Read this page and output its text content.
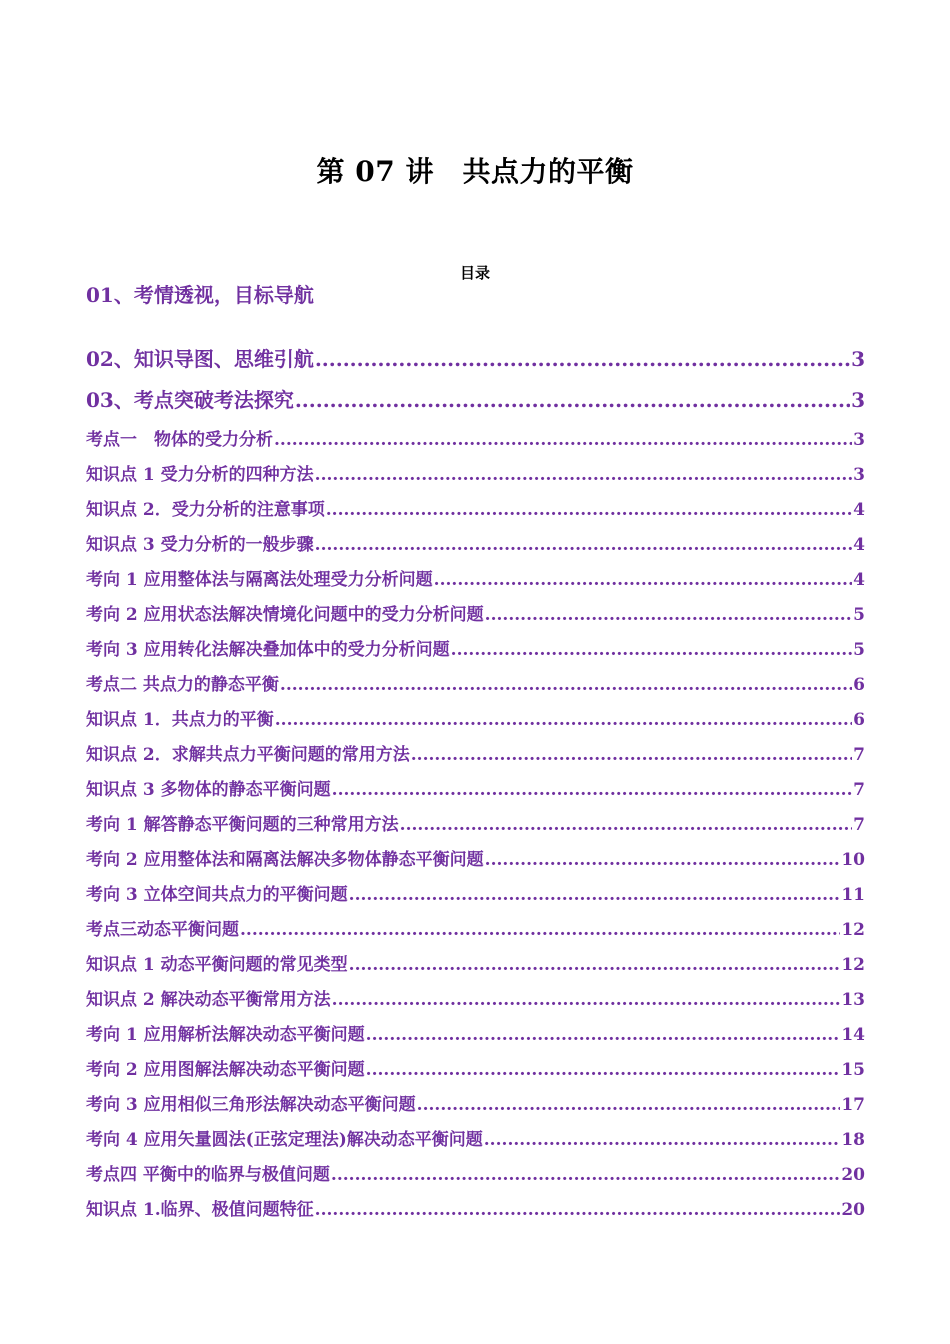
第 07 讲　共点力的平衡
目录
01、考情透视，目标导航
02、知识导图、思维引航 .....	3
03、考点突破考法探究 .....	3
考点一　物体的受力分析 .....	3
知识点 1 受力分析的四种方法 .....	3
知识点 2．受力分析的注意事项 .....	4
知识点 3 受力分析的一般步骤 .....	4
考向 1 应用整体法与隔离法处理受力分析问题 .....	4
考向 2 应用状态法解决情境化问题中的受力分析问题 .....	5
考向 3 应用转化法解决叠加体中的受力分析问题 .....	5
考点二 共点力的静态平衡 .....	6
知识点 1．共点力的平衡 .....	6
知识点 2．求解共点力平衡问题的常用方法 .....	7
知识点 3 多物体的静态平衡问题 .....	7
考向 1 解答静态平衡问题的三种常用方法 .....	7
考向 2 应用整体法和隔离法解决多物体静态平衡问题 .....	10
考向 3 立体空间共点力的平衡问题 .....	11
考点三动态平衡问题 .....	12
知识点 1 动态平衡问题的常见类型 .....	12
知识点 2 解决动态平衡常用方法 .....	13
考向 1 应用解析法解决动态平衡问题 .....	14
考向 2 应用图解法解决动态平衡问题 .....	15
考向 3 应用相似三角形法解决动态平衡问题 .....	17
考向 4 应用矢量圆法(正弦定理法)解决动态平衡问题 .....	18
考点四 平衡中的临界与极值问题 .....	20
知识点 1.临界、极值问题特征 .....	20
